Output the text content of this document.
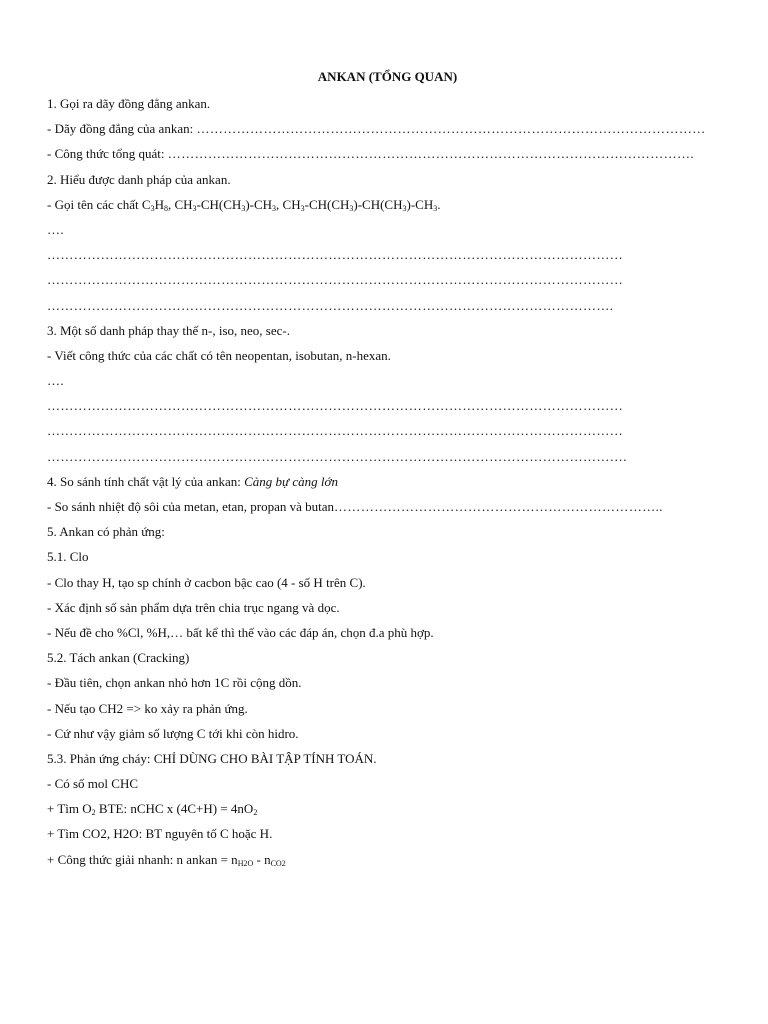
ANKAN (TỔNG QUAN)
1. Gọi ra dãy đồng đẳng ankan.
- Dãy đồng đẳng của ankan: ……………………………………………………………………………………………………
- Công thức tổng quát: ……………………………………………………………………………………………………….
2. Hiểu được danh pháp của ankan.
- Gọi tên các chất $C_3H_8$, $CH_3-CH(CH_3)-CH_3$, $CH_3-CH(CH_3)-CH(CH_3)-CH_3$.
….
…………………………………………………………………………………………………………………
…………………………………………………………………………………………………………………
……………………………………………………………………………………………………………….
3. Một số danh pháp thay thế n-, iso, neo, sec-.
- Viết công thức của các chất có tên neopentan, isobutan, n-hexan.
….
…………………………………………………………………………………………………………………
…………………………………………………………………………………………………………………
………………………………………………………………………………………………………………….
4. So sánh tính chất vật lý của ankan: Càng bự càng lớn
- So sánh nhiệt độ sôi của metan, etan, propan và butan………………………………………………………………..
5. Ankan có phản ứng:
5.1. Clo
- Clo thay H, tạo sp chính ở cacbon bậc cao (4 - số H trên C).
- Xác định số sản phẩm dựa trên chia trục ngang và dọc.
- Nếu đề cho %Cl, %H,… bất kể thì thế vào các đáp án, chọn đ.a phù hợp.
5.2. Tách ankan (Cracking)
- Đầu tiên, chọn ankan nhỏ hơn 1C rồi cộng dồn.
- Nếu tạo CH2 => ko xảy ra phản ứng.
- Cứ như vậy giảm số lượng C tới khi còn hidro.
5.3. Phản ứng cháy: CHỈ DÙNG CHO BÀI TẬP TÍNH TOÁN.
- Có số mol CHC
+ Tìm $O_2$ BTE: nCHC x $(4C+H) = 4nO_2$
+ Tìm CO2, H2O: BT nguyên tố C hoặc H.
+ Công thức giải nhanh: n ankan = $n_{H2O} - n_{CO2}$
